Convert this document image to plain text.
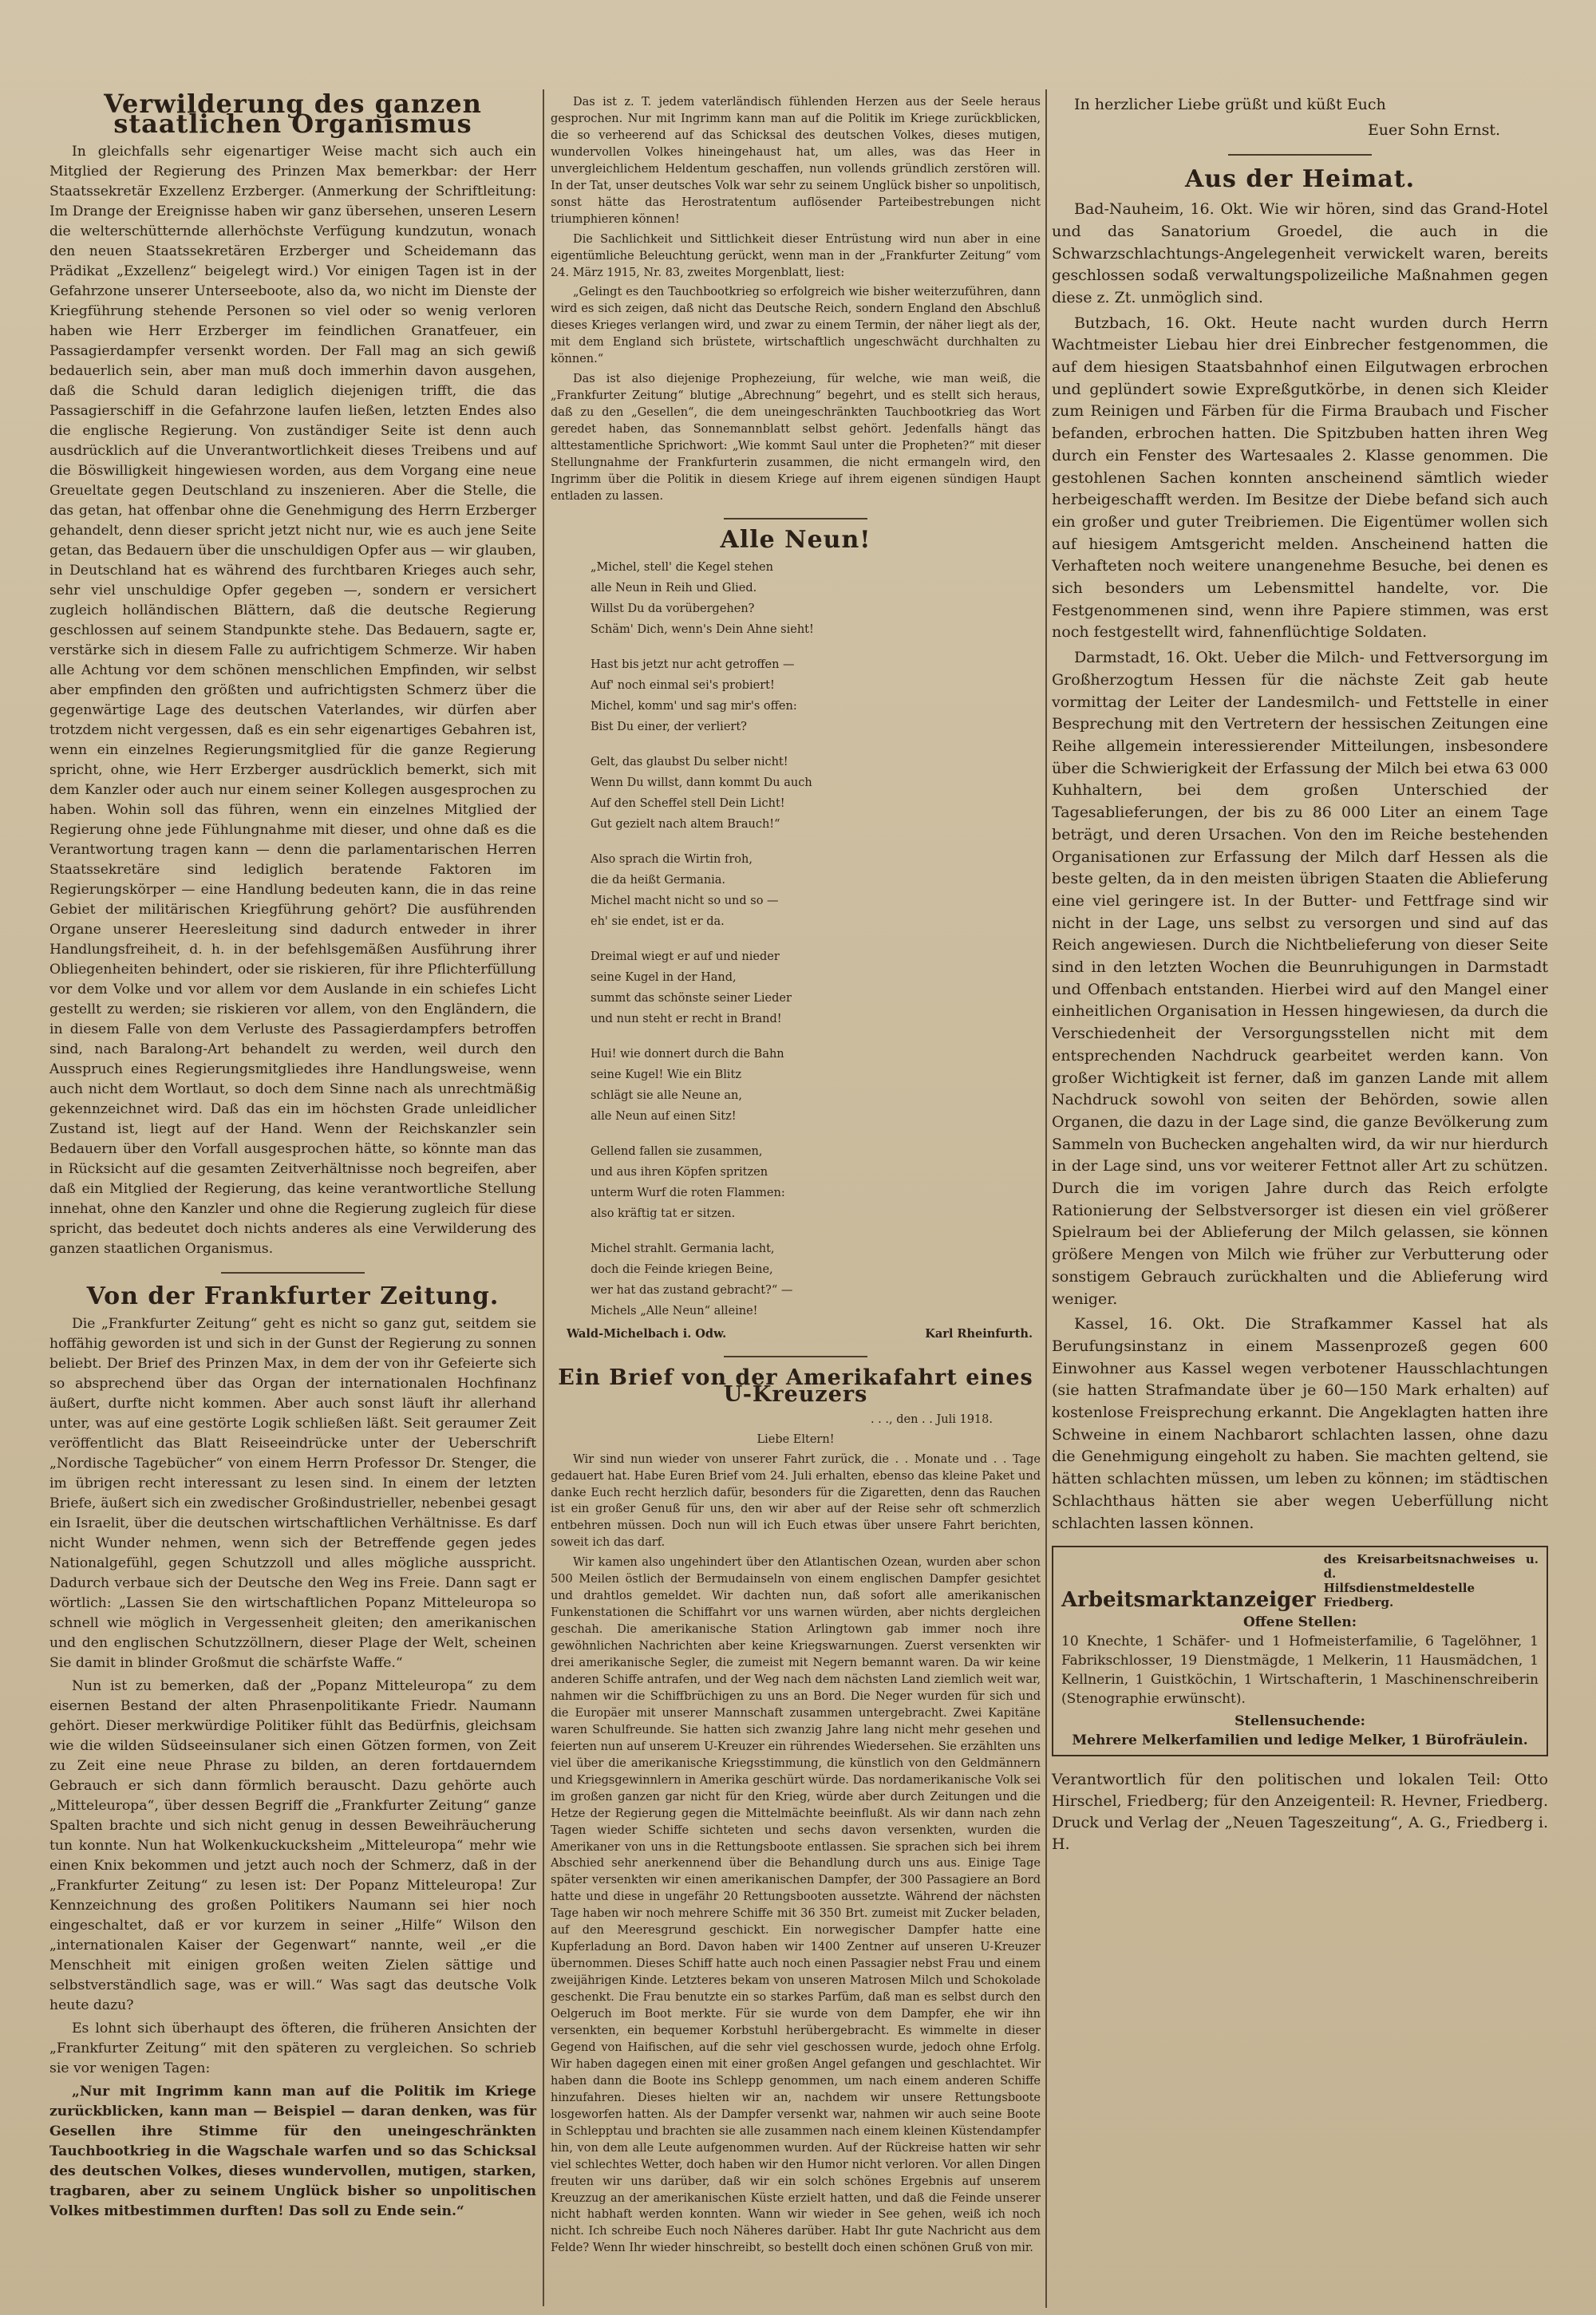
Verwilderung des ganzen staatlichen Organismus

In gleichfalls sehr eigenartiger Weise macht sich auch ein Mitglied der Regierung des Prinzen Max bemerkbar: der Herr Staatssekretär Exzellenz Erzberger. (Anmerkung der Schriftleitung: Im Drange der Ereignisse haben wir ganz übersehen, unseren Lesern die welterschütternde allerhöchste Verfügung kundzutun, wonach den neuen Staatssekretären Erzberger und Scheidemann das Prädikat „Exzellenz“ beigelegt wird.) Vor einigen Tagen ist in der Gefahrzone unserer Unterseeboote, also da, wo nicht im Dienste der Kriegführung stehende Personen so viel oder so wenig verloren haben wie Herr Erzberger im feindlichen Granatfeuer, ein Passagierdampfer versenkt worden. Der Fall mag an sich gewiß bedauerlich sein, aber man muß doch immerhin davon ausgehen, daß die Schuld daran lediglich diejenigen trifft, die das Passagierschiff in die Gefahrzone laufen ließen, letzten Endes also die englische Regierung. Von zuständiger Seite ist denn auch ausdrücklich auf die Unverantwortlichkeit dieses Treibens und auf die Böswilligkeit hingewiesen worden, aus dem Vorgang eine neue Greueltate gegen Deutschland zu inszenieren. Aber die Stelle, die das getan, hat offenbar ohne die Genehmigung des Herrn Erzberger gehandelt, denn dieser spricht jetzt nicht nur, wie es auch jene Seite getan, das Bedauern über die unschuldigen Opfer aus — wir glauben, in Deutschland hat es während des furchtbaren Krieges auch sehr, sehr viel unschuldige Opfer gegeben —, sondern er versichert zugleich holländischen Blättern, daß die deutsche Regierung geschlossen auf seinem Standpunkte stehe. Das Bedauern, sagte er, verstärke sich in diesem Falle zu aufrichtigem Schmerze. Wir haben alle Achtung vor dem schönen menschlichen Empfinden, wir selbst aber empfinden den größten und aufrichtigsten Schmerz über die gegenwärtige Lage des deutschen Vaterlandes, wir dürfen aber trotzdem nicht vergessen, daß es ein sehr eigenartiges Gebahren ist, wenn ein einzelnes Regierungsmitglied für die ganze Regierung spricht, ohne, wie Herr Erzberger ausdrücklich bemerkt, sich mit dem Kanzler oder auch nur einem seiner Kollegen ausgesprochen zu haben. Wohin soll das führen, wenn ein einzelnes Mitglied der Regierung ohne jede Fühlungnahme mit dieser, und ohne daß es die Verantwortung tragen kann — denn die parlamentarischen Herren Staatssekretäre sind lediglich beratende Faktoren im Regierungskörper — eine Handlung bedeuten kann, die in das reine Gebiet der militärischen Kriegführung gehört? Die ausführenden Organe unserer Heeresleitung sind dadurch entweder in ihrer Handlungsfreiheit, d. h. in der befehlsgemäßen Ausführung ihrer Obliegenheiten behindert, oder sie riskieren, für ihre Pflichterfüllung vor dem Volke und vor allem vor dem Auslande in ein schiefes Licht gestellt zu werden; sie riskieren vor allem, von den Engländern, die in diesem Falle von dem Verluste des Passagierdampfers betroffen sind, nach Baralong-Art behandelt zu werden, weil durch den Ausspruch eines Regierungsmitgliedes ihre Handlungsweise, wenn auch nicht dem Wortlaut, so doch dem Sinne nach als unrechtmäßig gekennzeichnet wird. Daß das ein im höchsten Grade unleidlicher Zustand ist, liegt auf der Hand. Wenn der Reichskanzler sein Bedauern über den Vorfall ausgesprochen hätte, so könnte man das in Rücksicht auf die gesamten Zeitverhältnisse noch begreifen, aber daß ein Mitglied der Regierung, das keine verantwortliche Stellung innehat, ohne den Kanzler und ohne die Regierung zugleich für diese spricht, das bedeutet doch nichts anderes als eine Verwilderung des ganzen staatlichen Organismus.

Von der Frankfurter Zeitung.

Die „Frankfurter Zeitung“ geht es nicht so ganz gut, seitdem sie hoffähig geworden ist und sich in der Gunst der Regierung zu sonnen beliebt. Der Brief des Prinzen Max, in dem der von ihr Gefeierte sich so absprechend über das Organ der internationalen Hochfinanz äußert, durfte nicht kommen. Aber auch sonst läuft ihr allerhand unter, was auf eine gestörte Logik schließen läßt. Seit geraumer Zeit veröffentlicht das Blatt Reiseeindrücke unter der Ueberschrift „Nordische Tagebücher“ von einem Herrn Professor Dr. Stenger, die im übrigen recht interessant zu lesen sind. In einem der letzten Briefe, äußert sich ein zwedischer Großindustrieller, nebenbei gesagt ein Israelit, über die deutschen wirtschaftlichen Verhältnisse. Es darf nicht Wunder nehmen, wenn sich der Betreffende gegen jedes Nationalgefühl, gegen Schutzzoll und alles mögliche ausspricht. Dadurch verbaue sich der Deutsche den Weg ins Freie. Dann sagt er wörtlich: „Lassen Sie den wirtschaftlichen Popanz Mitteleuropa so schnell wie möglich in Vergessenheit gleiten; den amerikanischen und den englischen Schutzzöllnern, dieser Plage der Welt, scheinen Sie damit in blinder Großmut die schärfste Waffe.“

Nun ist zu bemerken, daß der „Popanz Mitteleuropa“ zu dem eisernen Bestand der alten Phrasenpolitikante Friedr. Naumann gehört. Dieser merkwürdige Politiker fühlt das Bedürfnis, gleichsam wie die wilden Südseeinsulaner sich einen Götzen formen, von Zeit zu Zeit eine neue Phrase zu bilden, an deren fortdauerndem Gebrauch er sich dann förmlich berauscht. Dazu gehörte auch „Mitteleuropa“, über dessen Begriff die „Frankfurter Zeitung“ ganze Spalten brachte und sich nicht genug in dessen Beweihräucherung tun konnte. Nun hat Wolkenkuckucksheim „Mitteleuropa“ mehr wie einen Knix bekommen und jetzt auch noch der Schmerz, daß in der „Frankfurter Zeitung“ zu lesen ist: Der Popanz Mitteleuropa! Zur Kennzeichnung des großen Politikers Naumann sei hier noch eingeschaltet, daß er vor kurzem in seiner „Hilfe“ Wilson den „internationalen Kaiser der Gegenwart“ nannte, weil „er die Menschheit mit einigen großen weiten Zielen sättige und selbstverständlich sage, was er will.“ Was sagt das deutsche Volk heute dazu?

Es lohnt sich überhaupt des öfteren, die früheren Ansichten der „Frankfurter Zeitung“ mit den späteren zu vergleichen. So schrieb sie vor wenigen Tagen:

„Nur mit Ingrimm kann man auf die Politik im Kriege zurückblicken, kann man — Beispiel — daran denken, was für Gesellen ihre Stimme für den uneingeschränkten Tauchbootkrieg in die Wagschale warfen und so das Schicksal des deutschen Volkes, dieses wundervollen, mutigen, starken, tragbaren, aber zu seinem Unglück bisher so unpolitischen Volkes mitbestimmen durften! Das soll zu Ende sein.“

Das ist z. T. jedem vaterländisch fühlenden Herzen aus der Seele heraus gesprochen. Nur mit Ingrimm kann man auf die Politik im Kriege zurückblicken, die so verheerend auf das Schicksal des deutschen Volkes, dieses mutigen, wundervollen Volkes hineingehaust hat, um alles, was das Heer in unvergleichlichem Heldentum geschaffen, nun vollends gründlich zerstören will. In der Tat, unser deutsches Volk war sehr zu seinem Unglück bisher so unpolitisch, sonst hätte das Herostratentum auflösender Parteibestrebungen nicht triumphieren können!

Die Sachlichkeit und Sittlichkeit dieser Entrüstung wird nun aber in eine eigentümliche Beleuchtung gerückt, wenn man in der „Frankfurter Zeitung“ vom 24. März 1915, Nr. 83, zweites Morgenblatt, liest:

„Gelingt es den Tauchbootkrieg so erfolgreich wie bisher weiterzuführen, dann wird es sich zeigen, daß nicht das Deutsche Reich, sondern England den Abschluß dieses Krieges verlangen wird, und zwar zu einem Termin, der näher liegt als der, mit dem England sich brüstete, wirtschaftlich ungeschwächt durchhalten zu können.“

Das ist also diejenige Prophezeiung, für welche, wie man weiß, die „Frankfurter Zeitung“ blutige „Abrechnung“ begehrt, und es stellt sich heraus, daß zu den „Gesellen“, die dem uneingeschränkten Tauchbootkrieg das Wort geredet haben, das Sonnemannblatt selbst gehört. Jedenfalls hängt das alttestamentliche Sprichwort: „Wie kommt Saul unter die Propheten?“ mit dieser Stellungnahme der Frankfurterin zusammen, die nicht ermangeln wird, den Ingrimm über die Politik in diesem Kriege auf ihrem eigenen sündigen Haupt entladen zu lassen.

Alle Neun!
„Michel, stell' die Kegel stehen
alle Neun in Reih und Glied.
Willst Du da vorübergehen?
Schäm' Dich, wenn's Dein Ahne sieht!
Hast bis jetzt nur acht getroffen —
Auf' noch einmal sei's probiert!
Michel, komm' und sag mir's offen:
Bist Du einer, der verliert?
Gelt, das glaubst Du selber nicht!
Wenn Du willst, dann kommt Du auch
Auf den Scheffel stell Dein Licht!
Gut gezielt nach altem Brauch!“
Also sprach die Wirtin froh,
die da heißt Germania.
Michel macht nicht so und so —
eh' sie endet, ist er da.
Dreimal wiegt er auf und nieder
seine Kugel in der Hand,
summt das schönste seiner Lieder
und nun steht er recht in Brand!
Hui! wie donnert durch die Bahn
seine Kugel! Wie ein Blitz
schlägt sie alle Neune an,
alle Neun auf einen Sitz!
Gellend fallen sie zusammen,
und aus ihren Köpfen spritzen
unterm Wurf die roten Flammen:
also kräftig tat er sitzen.
Michel strahlt. Germania lacht,
doch die Feinde kriegen Beine,
wer hat das zustand gebracht?“ —
Michels „Alle Neun“ alleine!
Wald-Michelbach i. Odw.	Karl Rheinfurth.
Ein Brief von der Amerikafahrt eines U-Kreuzers
. . ., den . . Juli 1918.
Liebe Eltern!

Wir sind nun wieder von unserer Fahrt zurück, die . . Monate und . . Tage gedauert hat. Habe Euren Brief vom 24. Juli erhalten, ebenso das kleine Paket und danke Euch recht herzlich dafür, besonders für die Zigaretten, denn das Rauchen ist ein großer Genuß für uns, den wir aber auf der Reise sehr oft schmerzlich entbehren müssen. Doch nun will ich Euch etwas über unsere Fahrt berichten, soweit ich das darf.

Wir kamen also ungehindert über den Atlantischen Ozean, wurden aber schon 500 Meilen östlich der Bermudainseln von einem englischen Dampfer gesichtet und drahtlos gemeldet. Wir dachten nun, daß sofort alle amerikanischen Funkenstationen die Schiffahrt vor uns warnen würden, aber nichts dergleichen geschah. Die amerikanische Station Arlingtown gab immer noch ihre gewöhnlichen Nachrichten aber keine Kriegswarnungen. Zuerst versenkten wir drei amerikanische Segler, die zumeist mit Negern bemannt waren. Da wir keine anderen Schiffe antrafen, und der Weg nach dem nächsten Land ziemlich weit war, nahmen wir die Schiffbrüchigen zu uns an Bord. Die Neger wurden für sich und die Europäer mit unserer Mannschaft zusammen untergebracht. Zwei Kapitäne waren Schulfreunde. Sie hatten sich zwanzig Jahre lang nicht mehr gesehen und feierten nun auf unserem U-Kreuzer ein rührendes Wiedersehen. Sie erzählten uns viel über die amerikanische Kriegsstimmung, die künstlich von den Geldmännern und Kriegsgewinnlern in Amerika geschürt würde. Das nordamerikanische Volk sei im großen ganzen gar nicht für den Krieg, würde aber durch Zeitungen und die Hetze der Regierung gegen die Mittelmächte beeinflußt. Als wir dann nach zehn Tagen wieder Schiffe sichteten und sechs davon versenkten, wurden die Amerikaner von uns in die Rettungsboote entlassen. Sie sprachen sich bei ihrem Abschied sehr anerkennend über die Behandlung durch uns aus. Einige Tage später versenkten wir einen amerikanischen Dampfer, der 300 Passagiere an Bord hatte und diese in ungefähr 20 Rettungsbooten aussetzte. Während der nächsten Tage haben wir noch mehrere Schiffe mit 36 350 Brt. zumeist mit Zucker beladen, auf den Meeresgrund geschickt. Ein norwegischer Dampfer hatte eine Kupferladung an Bord. Davon haben wir 1400 Zentner auf unseren U-Kreuzer übernommen. Dieses Schiff hatte auch noch einen Passagier nebst Frau und einem zweijährigen Kinde. Letzteres bekam von unseren Matrosen Milch und Schokolade geschenkt. Die Frau benutzte ein so starkes Parfüm, daß man es selbst durch den Oelgeruch im Boot merkte. Für sie wurde von dem Dampfer, ehe wir ihn versenkten, ein bequemer Korbstuhl herübergebracht. Es wimmelte in dieser Gegend von Haifischen, auf die sehr viel geschossen wurde, jedoch ohne Erfolg. Wir haben dagegen einen mit einer großen Angel gefangen und geschlachtet. Wir haben dann die Boote ins Schlepp genommen, um nach einem anderen Schiffe hinzufahren. Dieses hielten wir an, nachdem wir unsere Rettungsboote losgeworfen hatten. Als der Dampfer versenkt war, nahmen wir auch seine Boote in Schlepptau und brachten sie alle zusammen nach einem kleinen Küstendampfer hin, von dem alle Leute aufgenommen wurden. Auf der Rückreise hatten wir sehr viel schlechtes Wetter, doch haben wir den Humor nicht verloren. Vor allen Dingen freuten wir uns darüber, daß wir ein solch schönes Ergebnis auf unserem Kreuzzug an der amerikanischen Küste erzielt hatten, und daß die Feinde unserer nicht habhaft werden konnten. Wann wir wieder in See gehen, weiß ich noch nicht. Ich schreibe Euch noch Näheres darüber. Habt Ihr gute Nachricht aus dem Felde? Wenn Ihr wieder hinschreibt, so bestellt doch einen schönen Gruß von mir.

In herzlicher Liebe grüßt und küßt Euch

Euer Sohn Ernst.
Aus der Heimat.

Bad-Nauheim, 16. Okt. Wie wir hören, sind das Grand-Hotel und das Sanatorium Groedel, die auch in die Schwarzschlachtungs-Angelegenheit verwickelt waren, bereits geschlossen sodaß verwaltungspolizeiliche Maßnahmen gegen diese z. Zt. unmöglich sind.

Butzbach, 16. Okt. Heute nacht wurden durch Herrn Wachtmeister Liebau hier drei Einbrecher festgenommen, die auf dem hiesigen Staatsbahnhof einen Eilgutwagen erbrochen und geplündert sowie Expreßgutkörbe, in denen sich Kleider zum Reinigen und Färben für die Firma Braubach und Fischer befanden, erbrochen hatten. Die Spitzbuben hatten ihren Weg durch ein Fenster des Wartesaales 2. Klasse genommen. Die gestohlenen Sachen konnten anscheinend sämtlich wieder herbeigeschafft werden. Im Besitze der Diebe befand sich auch ein großer und guter Treibriemen. Die Eigentümer wollen sich auf hiesigem Amtsgericht melden. Anscheinend hatten die Verhafteten noch weitere unangenehme Besuche, bei denen es sich besonders um Lebensmittel handelte, vor. Die Festgenommenen sind, wenn ihre Papiere stimmen, was erst noch festgestellt wird, fahnenflüchtige Soldaten.

Darmstadt, 16. Okt. Ueber die Milch- und Fettversorgung im Großherzogtum Hessen für die nächste Zeit gab heute vormittag der Leiter der Landesmilch- und Fettstelle in einer Besprechung mit den Vertretern der hessischen Zeitungen eine Reihe allgemein interessierender Mitteilungen, insbesondere über die Schwierigkeit der Erfassung der Milch bei etwa 63 000 Kuhhaltern, bei dem großen Unterschied der Tagesablieferungen, der bis zu 86 000 Liter an einem Tage beträgt, und deren Ursachen. Von den im Reiche bestehenden Organisationen zur Erfassung der Milch darf Hessen als die beste gelten, da in den meisten übrigen Staaten die Ablieferung eine viel geringere ist. In der Butter- und Fettfrage sind wir nicht in der Lage, uns selbst zu versorgen und sind auf das Reich angewiesen. Durch die Nichtbelieferung von dieser Seite sind in den letzten Wochen die Beunruhigungen in Darmstadt und Offenbach entstanden. Hierbei wird auf den Mangel einer einheitlichen Organisation in Hessen hingewiesen, da durch die Verschiedenheit der Versorgungsstellen nicht mit dem entsprechenden Nachdruck gearbeitet werden kann. Von großer Wichtigkeit ist ferner, daß im ganzen Lande mit allem Nachdruck sowohl von seiten der Behörden, sowie allen Organen, die dazu in der Lage sind, die ganze Bevölkerung zum Sammeln von Buchecken angehalten wird, da wir nur hierdurch in der Lage sind, uns vor weiterer Fettnot aller Art zu schützen. Durch die im vorigen Jahre durch das Reich erfolgte Rationierung der Selbstversorger ist diesen ein viel größerer Spielraum bei der Ablieferung der Milch gelassen, sie können größere Mengen von Milch wie früher zur Verbutterung oder sonstigem Gebrauch zurückhalten und die Ablieferung wird weniger.

Kassel, 16. Okt. Die Strafkammer Kassel hat als Berufungsinstanz in einem Massenprozeß gegen 600 Einwohner aus Kassel wegen verbotener Hausschlachtungen (sie hatten Strafmandate über je 60—150 Mark erhalten) auf kostenlose Freisprechung erkannt. Die Angeklagten hatten ihre Schweine in einem Nachbarort schlachten lassen, ohne dazu die Genehmigung eingeholt zu haben. Sie machten geltend, sie hätten schlachten müssen, um leben zu können; im städtischen Schlachthaus hätten sie aber wegen Ueberfüllung nicht schlachten lassen können.

Arbeitsmarktanzeiger
des Kreisarbeitsnachweises u. d.
Hilfsdienstmeldestelle Friedberg.
Offene Stellen:
10 Knechte, 1 Schäfer- und 1 Hofmeisterfamilie, 6 Tagelöhner, 1 Fabrikschlosser, 19 Dienstmägde, 1 Melkerin, 11 Hausmädchen, 1 Kellnerin, 1 Guistköchin, 1 Wirtschafterin, 1 Maschinenschreiberin (Stenographie erwünscht).
Stellensuchende:
Mehrere Melkerfamilien und ledige Melker, 1 Bürofräulein.
Verantwortlich für den politischen und lokalen Teil: Otto Hirschel, Friedberg; für den Anzeigenteil: R. Hevner, Friedberg. Druck und Verlag der „Neuen Tageszeitung“, A. G., Friedberg i. H.
